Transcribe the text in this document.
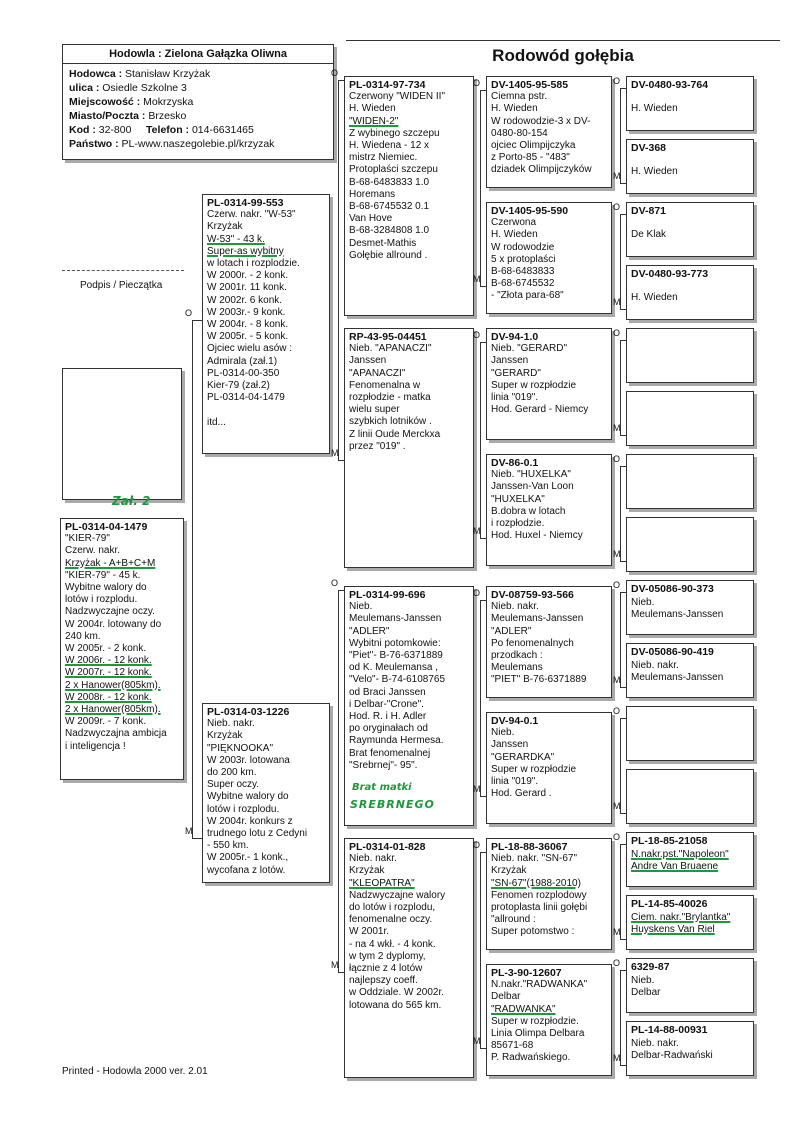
Hodowla : Zielona Gałązka Oliwna
Hodowca : Stanisław Krzyżak
ulica : Osiedle Szkolne 3
Miejscowość : Mokrzyska
Miasto/Poczta : Brzesko
Kod : 32-800 Telefon : 014-6631465
Państwo : PL-www.naszegolebie.pl/krzyzak
Rodowód gołębia
Podpis / Pieczątka
Zał. 2
PL-0314-04-1479
"KIER-79"
Czerw. nakr.
Krzyżak - A+B+C+M
"KIER-79" - 45 k.
Wybitne walory do
lotów i rozplodu.
Nadzwyczajne oczy.
W 2004r. lotowany do
240 km.
W 2005r. - 2 konk.
W 2006r. - 12 konk.
W 2007r. - 12 konk.
2 x Hanower(805km).
W 2008r. - 12 konk.
2 x Hanower(805km).
W 2009r. - 7 konk.
Nadzwyczajna ambicja
i inteligencja !
PL-0314-99-553
Czerw. nakr. "W-53"
Krzyżak
W-53" - 43 k.
Super-as wybitny
w lotach i rozplodzie.
W 2000r. - 2 konk.
W 2001r. 11 konk.
W 2002r. 6 konk.
W 2003r.- 9 konk.
W 2004r. - 8 konk.
W 2005r. - 5 konk.
Ojciec wielu asów :
Admirala (zał.1)
PL-0314-00-350
Kier-79 (zał.2)
PL-0314-04-1479

itd...
PL-0314-03-1226
Nieb. nakr.
Krzyżak
"PIĘKNOOKA"
W 2003r. lotowana
do 200 km.
Super oczy.
Wybitne walory do
lotów i rozplodu.
W 2004r. konkurs z
trudnego lotu z Cedyni
- 550 km.
W 2005r.- 1 konk.,
wycofana z lotów.
PL-0314-97-734
Czerwony "WIDEN II"
H. Wieden
"WIDEN-2"
Z wybinego szczepu
H. Wiedena - 12 x
mistrz Niemiec.
Protoplaści szczepu
B-68-6483833 1.0
Horemans
B-68-6745532 0.1
Van Hove
B-68-3284808 1.0
Desmet-Mathis
Gołębie allround .
RP-43-95-04451
Nieb. "APANACZI"
Janssen
"APANACZI"
Fenomenalna w
rozpłodzie - matka
wielu super
szybkich lotników .
Z linii Oude Merckxa
przez "019" .
PL-0314-99-696
Nieb.
Meulemans-Janssen
"ADLER"
Wybitni potomkowie:
"Piet"- B-76-6371889
od K. Meulemansa ,
"Velo"- B-74-6108765
od Braci Janssen
i Delbar-"Crone".
Hod. R. i H. Adler
po oryginałach od
Raymunda Hermesa.
Brat fenomenalnej
"Srebrnej"- 95".
Brat matki
SREBRNEGO
PL-0314-01-828
Nieb. nakr.
Krzyżak
"KLEOPATRA"
Nadzwyczajne walory
do lotów i rozplodu,
fenomenalne oczy.
W 2001r.
- na 4 wkł. - 4 konk.
w tym 2 dyplomy,
łącznie z 4 lotów
najlepszy coeff.
w Oddziale. W 2002r.
lotowana do 565 km.
DV-1405-95-585
Ciemna pstr.
H. Wieden
W rodowodzie-3 x DV-
0480-80-154
ojciec Olimpijczyka
z Porto-85 - "483"
dziadek Olimpijczyków
DV-1405-95-590
Czerwona
H. Wieden
W rodowodzie
5 x protoplaści
B-68-6483833
B-68-6745532
- "Złota para-68"
DV-94-1.0
Nieb. "GERARD"
Janssen
"GERARD"
Super w rozpłodzie
linia "019".
Hod. Gerard - Niemcy
DV-86-0.1
Nieb. "HUXELKA"
Janssen-Van Loon
"HUXELKA"
B.dobra w lotach
i rozpłodzie.
Hod. Huxel - Niemcy
DV-08759-93-566
Nieb. nakr.
Meulemans-Janssen
"ADLER"
Po fenomenalnych
przodkach :
Meulemans
"PIET" B-76-6371889
DV-94-0.1
Nieb.
Janssen
"GERARDKA"
Super w rozpłodzie
linia "019".
Hod. Gerard .
PL-18-88-36067
Nieb. nakr. "SN-67"
Krzyżak
"SN-67"(1988-2010)
Fenomen rozplodowy
protoplasta linii gołębi
"allround :
Super potomstwo :
PL-3-90-12607
N.nakr."RADWANKA"
Delbar
"RADWANKA"
Super w rozpłodzie.
Linia Olimpa Delbara
85671-68
P. Radwańskiego.
DV-0480-93-764
H. Wieden
DV-368
H. Wieden
DV-871
De Klak
DV-0480-93-773
H. Wieden
DV-05086-90-373
Nieb.
Meulemans-Janssen
DV-05086-90-419
Nieb. nakr.
Meulemans-Janssen
PL-18-85-21058
N.nakr.pst."Napoleon"
Andre Van Bruaene
PL-14-85-40026
Ciem. nakr."Brylantka"
Huyskens Van Riel
6329-87
Nieb.
Delbar
PL-14-88-00931
Nieb. nakr.
Delbar-Radwański
O
M
O
M
O
M
O
M
O
M
O
M
O
M
O
M
O
M
O
M
O
M
O
M
O
M
O
M
O
M
Printed - Hodowla 2000 ver. 2.01
